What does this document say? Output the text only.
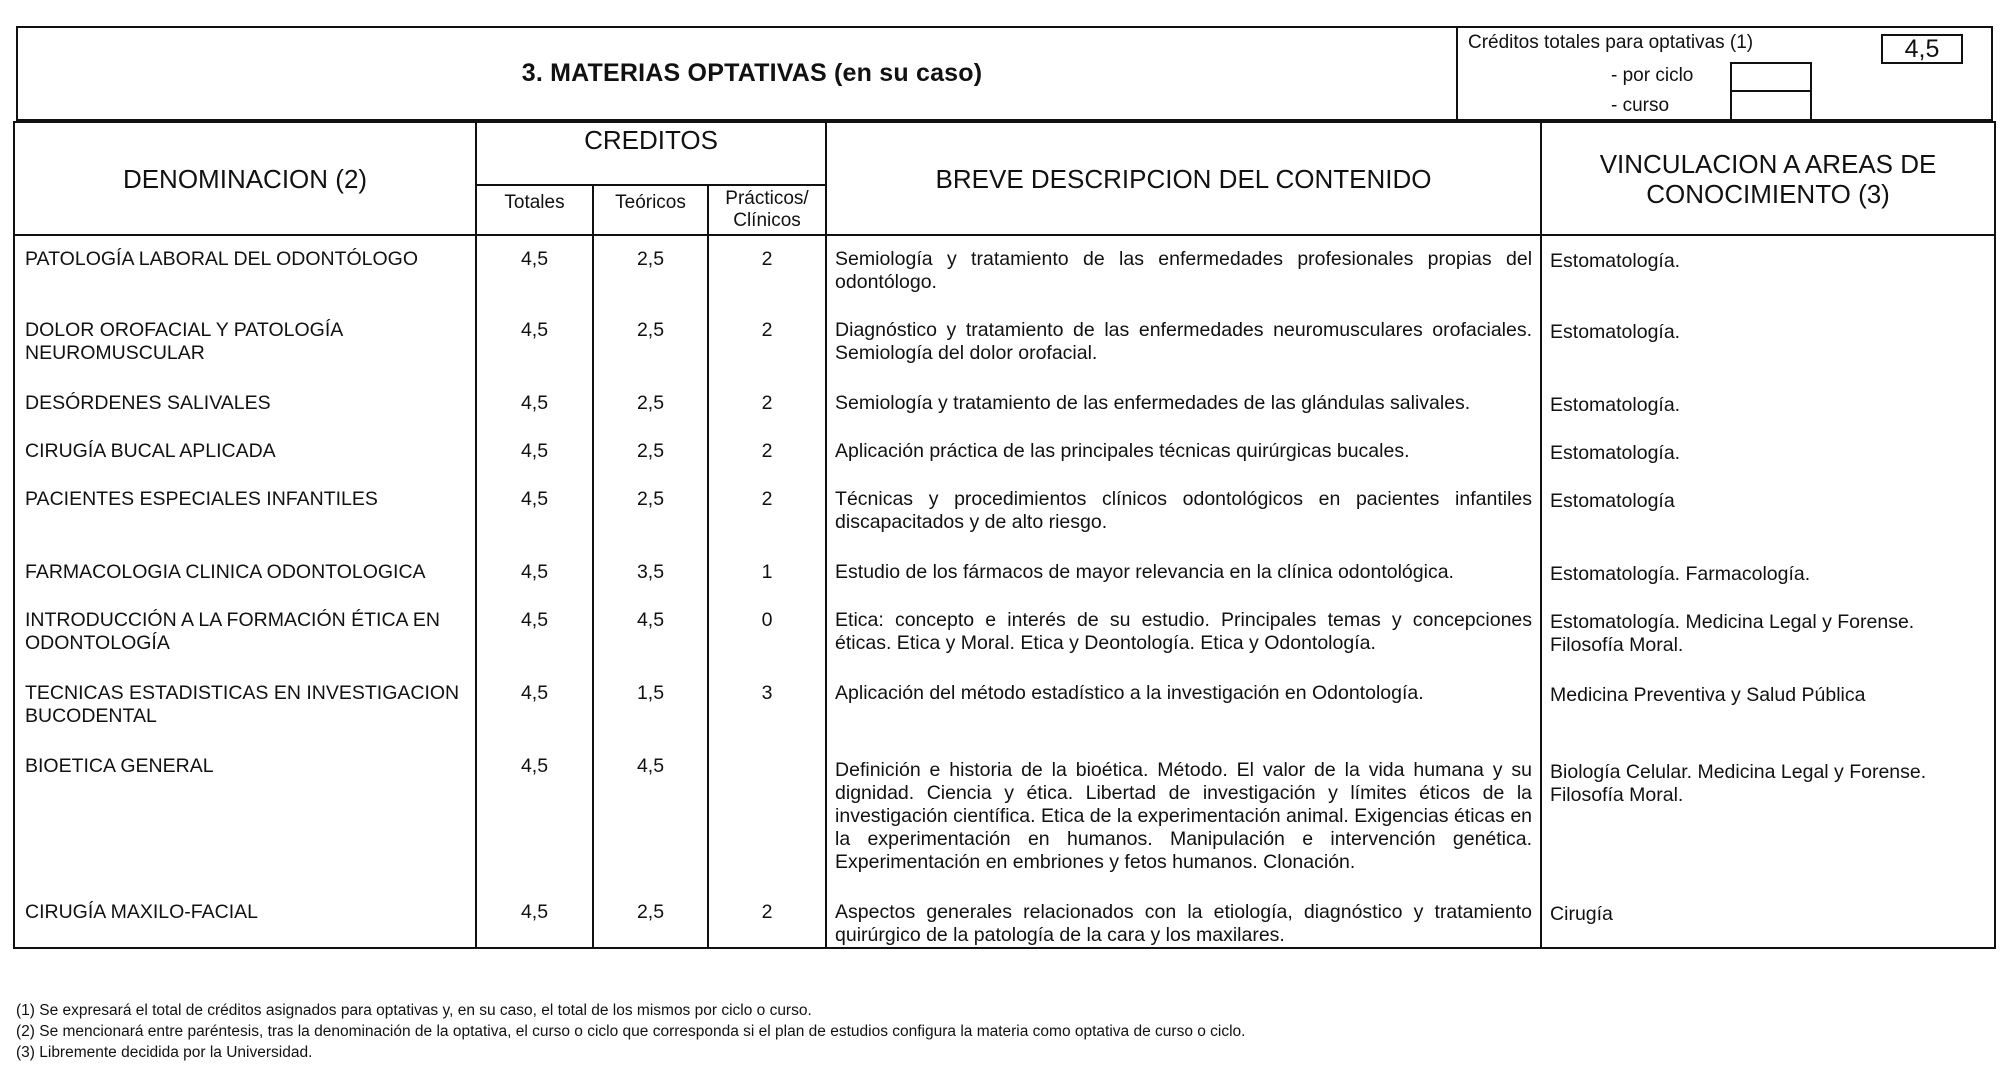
3. MATERIAS OPTATIVAS (en su caso)
Créditos totales para optativas (1)	4,5
- por ciclo
- curso
DENOMINACION (2)	CREDITOS			BREVE DESCRIPCION DEL CONTENIDO	VINCULACION A AREAS DE CONOCIMIENTO (3)
	Totales	Teóricos	Prácticos/ Clínicos		
PATOLOGÍA LABORAL DEL ODONTÓLOGO	4,5	2,5	2	Semiología y tratamiento de las enfermedades profesionales propias del odontólogo.	Estomatología.
DOLOR OROFACIAL Y PATOLOGÍA NEUROMUSCULAR	4,5	2,5	2	Diagnóstico y tratamiento de las enfermedades neuromusculares orofaciales. Semiología del dolor orofacial.	Estomatología.
DESÓRDENES SALIVALES	4,5	2,5	2	Semiología y tratamiento de las enfermedades de las glándulas salivales.	Estomatología.
CIRUGÍA BUCAL APLICADA	4,5	2,5	2	Aplicación práctica de las principales técnicas quirúrgicas bucales.	Estomatología.
PACIENTES ESPECIALES INFANTILES	4,5	2,5	2	Técnicas y procedimientos clínicos odontológicos en pacientes infantiles discapacitados y de alto riesgo.	Estomatología
FARMACOLOGIA CLINICA ODONTOLOGICA	4,5	3,5	1	Estudio de los fármacos de mayor relevancia en la clínica odontológica.	Estomatología. Farmacología.
INTRODUCCIÓN A LA FORMACIÓN ÉTICA EN ODONTOLOGÍA	4,5	4,5	0	Etica: concepto e interés de su estudio. Principales temas y concepciones éticas. Etica y Moral. Etica y Deontología. Etica y Odontología.	Estomatología. Medicina Legal y Forense. Filosofía Moral.
TECNICAS ESTADISTICAS EN INVESTIGACION BUCODENTAL	4,5	1,5	3	Aplicación del método estadístico a la investigación en Odontología.	Medicina Preventiva y Salud Pública
BIOETICA GENERAL	4,5	4,5		Definición e historia de la bioética. Método. El valor de la vida humana y su dignidad. Ciencia y ética. Libertad de investigación y límites éticos de la investigación científica. Etica de la experimentación animal. Exigencias éticas en la experimentación en humanos. Manipulación e intervención genética. Experimentación en embriones y fetos humanos. Clonación.	Biología Celular. Medicina Legal y Forense. Filosofía Moral.
CIRUGÍA MAXILO-FACIAL	4,5	2,5	2	Aspectos generales relacionados con la etiología, diagnóstico y tratamiento quirúrgico de la patología de la cara y los maxilares.	Cirugía
(1) Se expresará el total de créditos asignados para optativas y, en su caso, el total de los mismos por ciclo o curso.
(2) Se mencionará entre paréntesis, tras la denominación de la optativa, el curso o ciclo que corresponda si el plan de estudios configura la materia como optativa de curso o ciclo.
(3) Libremente decidida por la Universidad.
